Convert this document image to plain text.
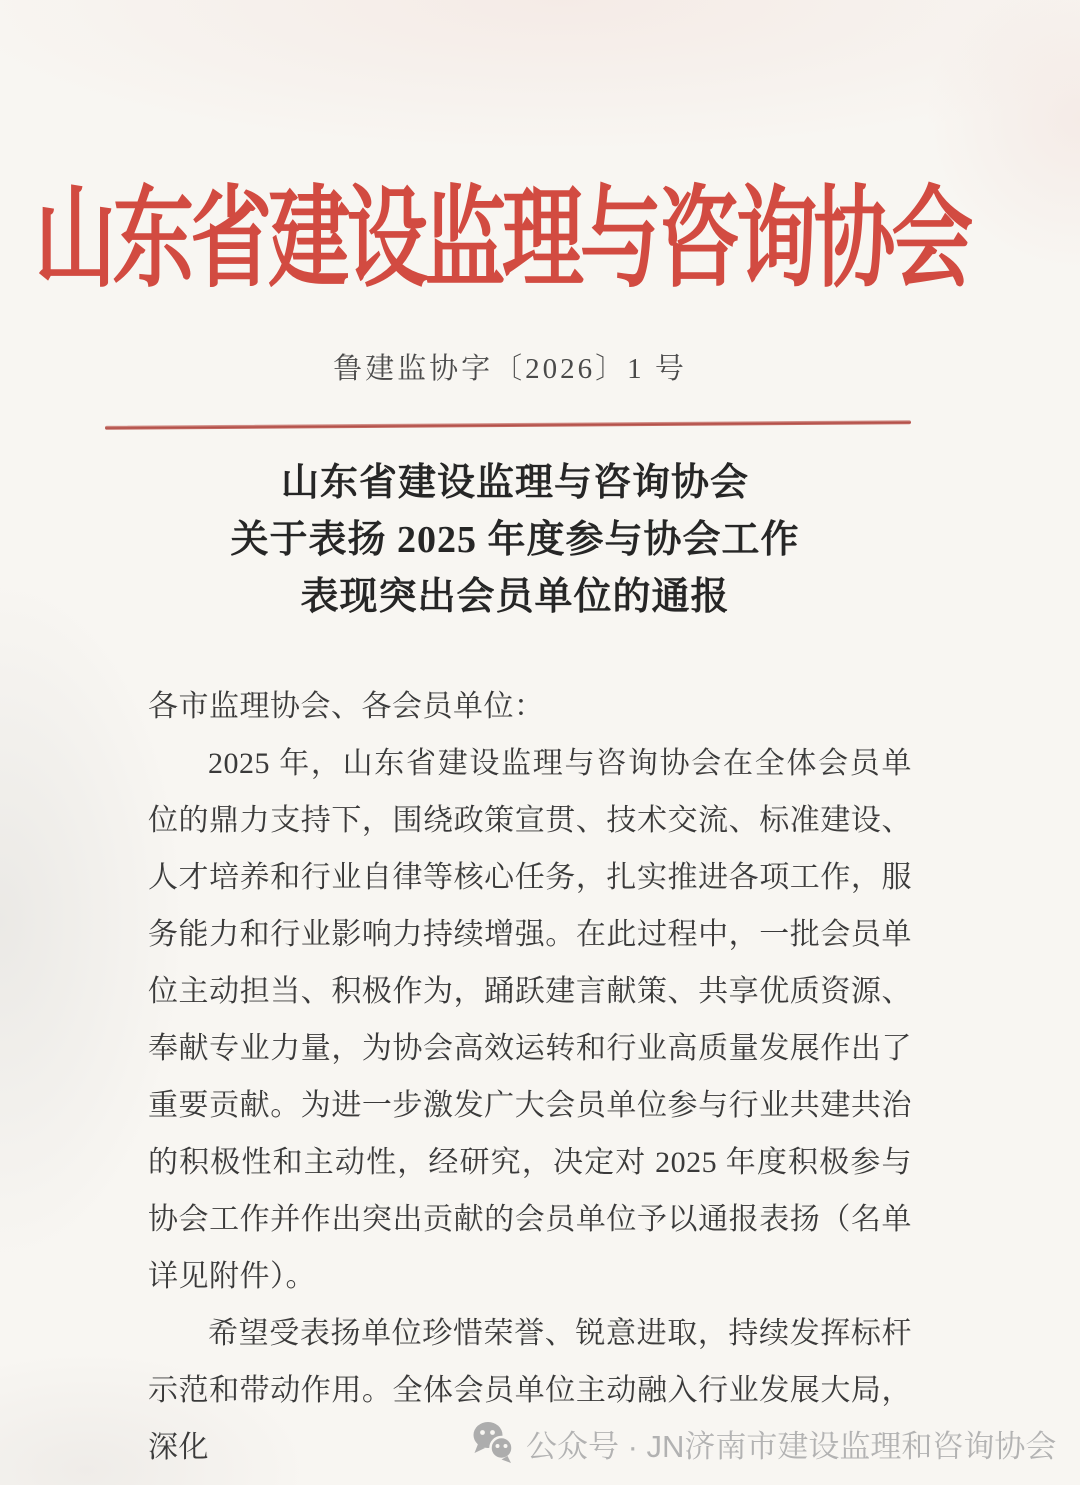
山东省建设监理与咨询协会
鲁建监协字〔2026〕1 号
山东省建设监理与咨询协会
关于表扬 2025 年度参与协会工作
表现突出会员单位的通报

各市监理协会、各会员单位：

2025 年，山东省建设监理与咨询协会在全体会员单位的鼎力支持下，围绕政策宣贯、技术交流、标准建设、人才培养和行业自律等核心任务，扎实推进各项工作，服务能力和行业影响力持续增强。在此过程中，一批会员单位主动担当、积极作为，踊跃建言献策、共享优质资源、奉献专业力量，为协会高效运转和行业高质量发展作出了重要贡献。为进一步激发广大会员单位参与行业共建共治的积极性和主动性，经研究，决定对 2025 年度积极参与协会工作并作出突出贡献的会员单位予以通报表扬（名单详见附件）。

希望受表扬单位珍惜荣誉、锐意进取，持续发挥标杆示范和带动作用。全体会员单位主动融入行业发展大局，深化	公众号 · JN济南市建设监理和咨询协会
